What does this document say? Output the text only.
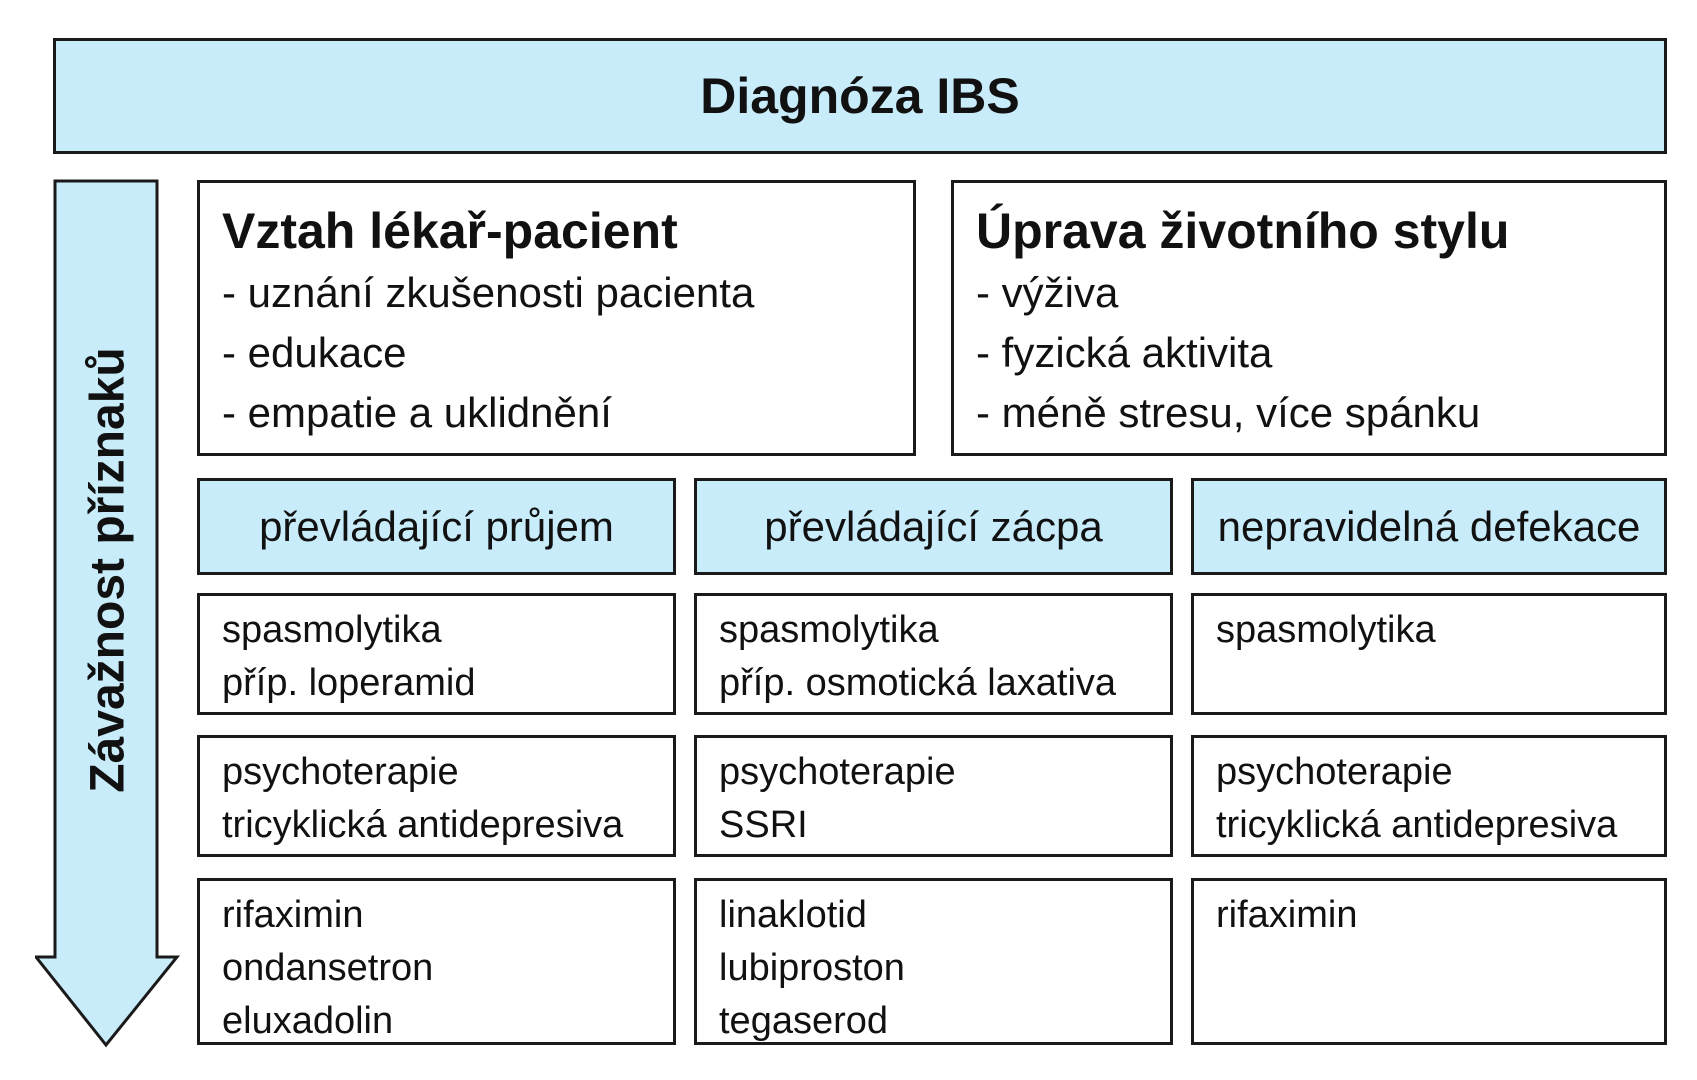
Diagnóza IBS
Závažnost příznaků
Vztah lékař-pacient
- uznání zkušenosti pacienta
- edukace
- empatie a uklidnění
Úprava životního stylu
- výživa
- fyzická aktivita
- méně stresu, více spánku
převládající průjem	převládající zácpa	nepravidelná defekace
spasmolytika
příp. loperamid
psychoterapie
tricyklická antidepresiva
rifaximin
ondansetron
eluxadolin
spasmolytika
příp. osmotická laxativa
psychoterapie
SSRI
linaklotid
lubiproston
tegaserod
spasmolytika
psychoterapie
tricyklická antidepresiva
rifaximin
